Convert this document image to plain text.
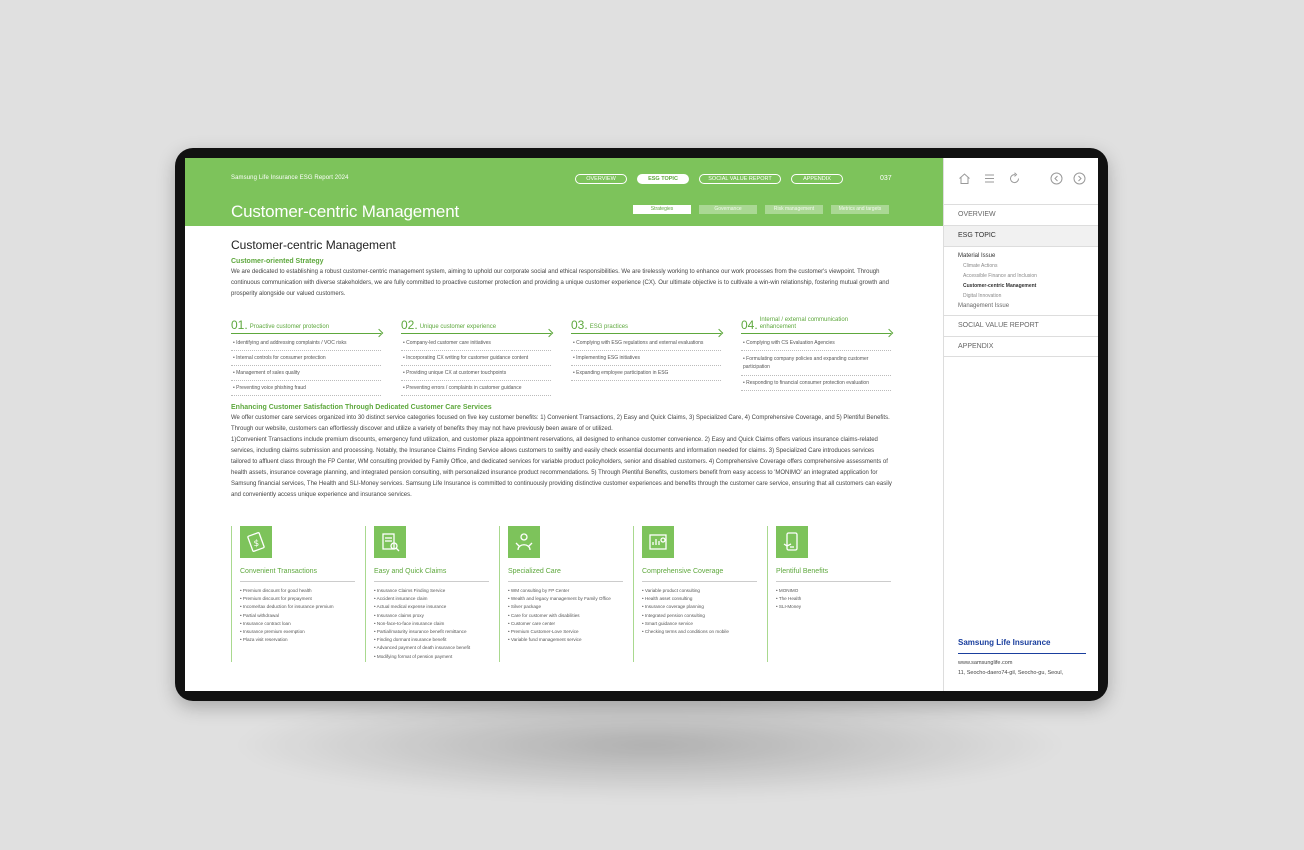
Samsung Life Insurance ESG Report 2024	OVERVIEW	ESG TOPIC	SOCIAL VALUE REPORT	APPENDIX	037
Customer-centric Management	Strategies	Governance	Risk management	Metrics and targets
Customer-centric Management
Customer-oriented Strategy
We are dedicated to establishing a robust customer-centric management system, aiming to uphold our corporate social and ethical responsibilities. We are tirelessly working to enhance our work processes from the customer's viewpoint. Through continuous communication with diverse stakeholders, we are fully committed to proactive customer protection and providing a unique customer experience (CX). Our ultimate objective is to cultivate a win-win relationship, fostering mutual growth and prosperity alongside our valued customers.
01. Proactive customer protection
• Identifying and addressing complaints / VOC risks
• Internal controls for consumer protection
• Management of sales quality
• Preventing voice phishing fraud
02. Unique customer experience
• Company-led customer care initiatives
• Incorporating CX writing for customer guidance content
• Providing unique CX at customer touchpoints
• Preventing errors / complaints in customer guidance
03. ESG practices
• Complying with ESG regulations and external evaluations
• Implementing ESG initiatives
• Expanding employee participation in ESG
04. Internal / external communication enhancement
• Complying with CS Evaluation Agencies
• Formulating company policies and expanding customer participation
• Responding to financial consumer protection evaluation
Enhancing Customer Satisfaction Through Dedicated Customer Care Services
We offer customer care services organized into 30 distinct service categories focused on five key customer benefits: 1) Convenient Transactions, 2) Easy and Quick Claims, 3) Specialized Care, 4) Comprehensive Coverage, and 5) Plentiful Benefits. Through our website, customers can effortlessly discover and utilize a variety of benefits they may not have previously been aware of or utilized.
1)Convenient Transactions include premium discounts, emergency fund utilization, and customer plaza appointment reservations, all designed to enhance customer convenience. 2) Easy and Quick Claims offers various insurance claims-related services, including claims submission and processing. Notably, the Insurance Claims Finding Service allows customers to swiftly and easily check essential documents and information needed for claims. 3) Specialized Care introduces services tailored to affluent class through the FP Center, WM consulting provided by Family Office, and dedicated services for variable product policyholders, senior and disabled customers. 4) Comprehensive Coverage offers comprehensive assessments of health assets, insurance coverage planning, and integrated pension consulting, with personalized insurance product recommendations. 5) Through Plentiful Benefits, customers benefit from easy access to 'MONIMO' an integrated application for Samsung financial services, The Health and SLI-Money services. Samsung Life Insurance is committed to continuously providing distinctive customer experiences and benefits through the customer care service, ensuring that all customers can easily and conveniently access unique experience and insurance services.
$
Convenient Transactions
• Premium discount for good health
• Premium discount for prepayment
• Income/tax deduction for insurance premium
• Partial withdrawal
• Insurance contract loan
• Insurance premium exemption
• Plaza visit reservation
Easy and Quick Claims
• Insurance Claims Finding Service
• Accident insurance claim
• Actual medical expense insurance
• Insurance claims proxy
• Non-face-to-face insurance claim
• Partial/maturity insurance benefit remittance
• Finding dormant insurance benefit
• Advanced payment of death insurance benefit
• Modifying format of pension payment
Specialized Care
• WM consulting by FP Center
• Wealth and legacy management by Family Office
• Silver package
• Care for customer with disabilities
• Customer care center
• Premium Customer-Love Service
• Variable fund management service
Comprehensive Coverage
• Variable product consulting
• Health asset consulting
• Insurance coverage planning
• Integrated pension consulting
• Smart guidance service
• Checking terms and conditions on mobile
Plentiful Benefits
• MONIMO
• The Health
• SLI-Money
OVERVIEW
ESG TOPIC
Material Issue
Climate Actions
Accessible Finance and Inclusion
Customer-centric Management
Digital Innovation
Management Issue
SOCIAL VALUE REPORT
APPENDIX
Samsung Life Insurance
www.samsunglife.com
11, Seocho-daero74-gil, Seocho-gu, Seoul,
